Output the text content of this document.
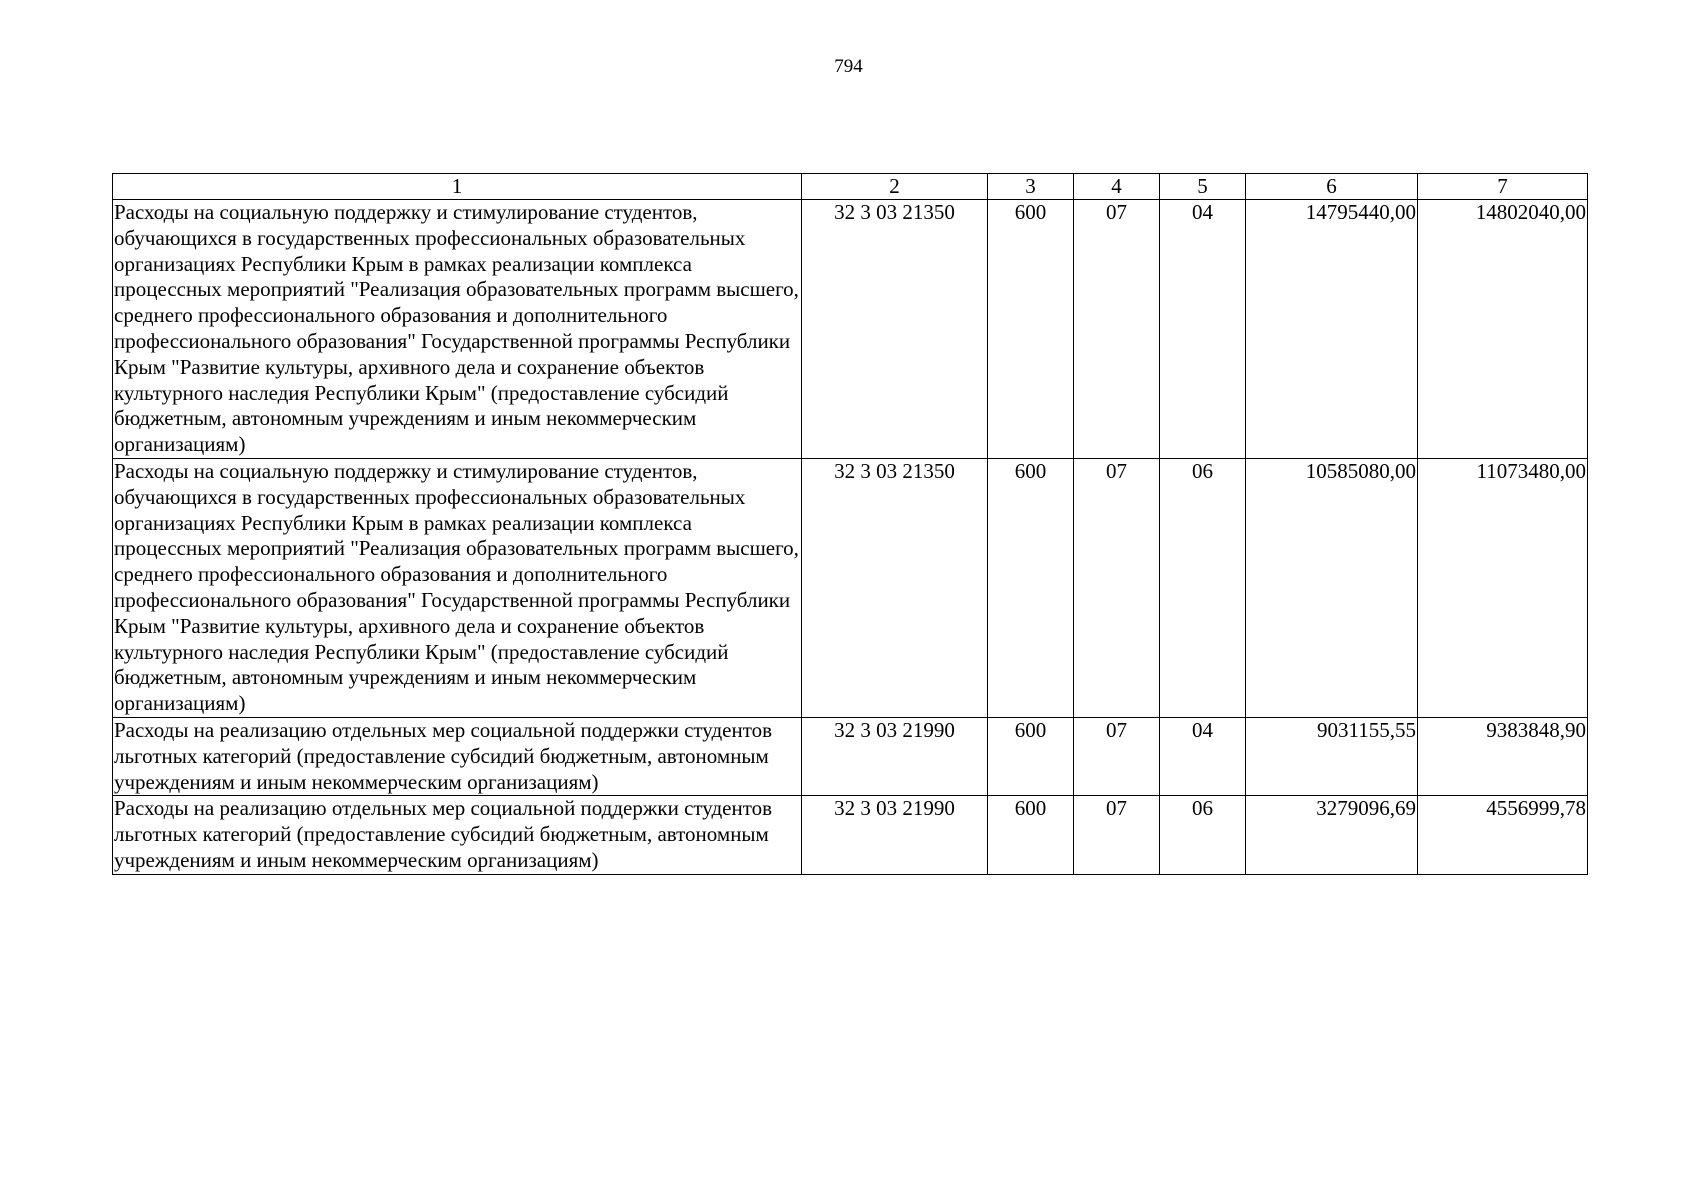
794
1	2	3	4	5	6	7
Расходы на социальную поддержку и стимулирование студентов, обучающихся в государственных профессиональных образовательных организациях Республики Крым в рамках реализации комплекса процессных мероприятий "Реализация образовательных программ высшего, среднего профессионального образования и дополнительного профессионального образования" Государственной программы Республики Крым "Развитие культуры, архивного дела и сохранение объектов культурного наследия Республики Крым" (предоставление субсидий бюджетным, автономным учреждениям и иным некоммерческим организациям)	32 3 03 21350	600	07	04	14795440,00	14802040,00
Расходы на социальную поддержку и стимулирование студентов, обучающихся в государственных профессиональных образовательных организациях Республики Крым в рамках реализации комплекса процессных мероприятий "Реализация образовательных программ высшего, среднего профессионального образования и дополнительного профессионального образования" Государственной программы Республики Крым "Развитие культуры, архивного дела и сохранение объектов культурного наследия Республики Крым" (предоставление субсидий бюджетным, автономным учреждениям и иным некоммерческим организациям)	32 3 03 21350	600	07	06	10585080,00	11073480,00
Расходы на реализацию отдельных мер социальной поддержки студентов льготных категорий (предоставление субсидий бюджетным, автономным учреждениям и иным некоммерческим организациям)	32 3 03 21990	600	07	04	9031155,55	9383848,90
Расходы на реализацию отдельных мер социальной поддержки студентов льготных категорий (предоставление субсидий бюджетным, автономным учреждениям и иным некоммерческим организациям)	32 3 03 21990	600	07	06	3279096,69	4556999,78
